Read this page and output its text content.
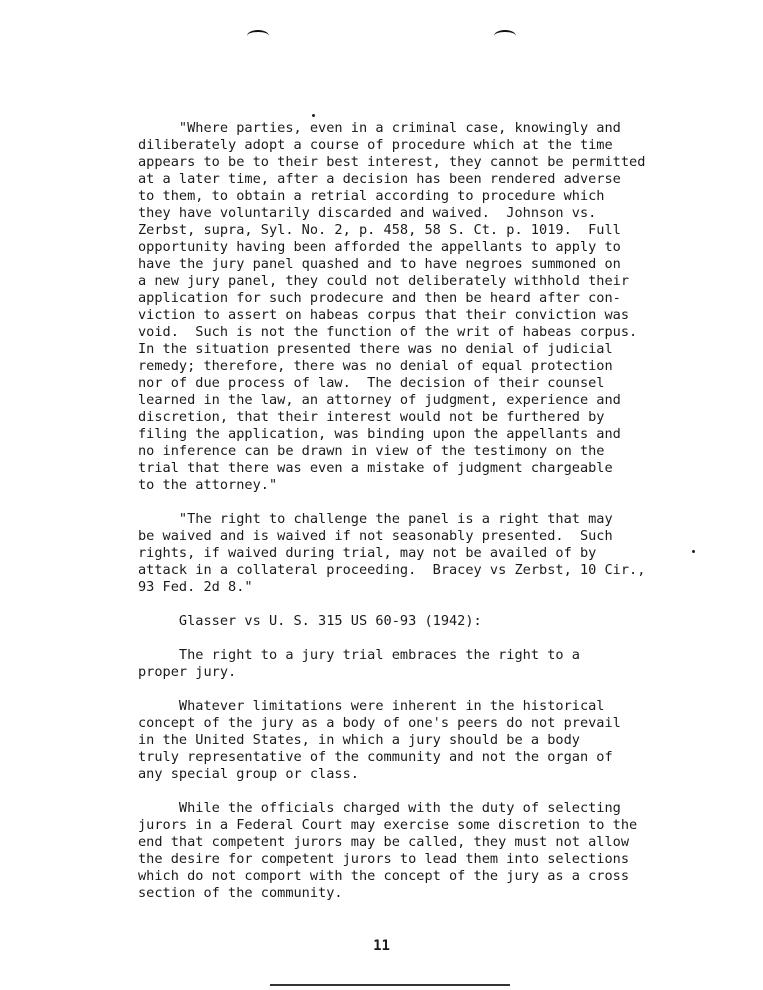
"Where parties, even in a criminal case, knowingly and
diliberately adopt a course of procedure which at the time
appears to be to their best interest, they cannot be permitted
at a later time, after a decision has been rendered adverse
to them, to obtain a retrial according to procedure which
they have voluntarily discarded and waived.  Johnson vs.
Zerbst, supra, Syl. No. 2, p. 458, 58 S. Ct. p. 1019.  Full
opportunity having been afforded the appellants to apply to
have the jury panel quashed and to have negroes summoned on
a new jury panel, they could not deliberately withhold their
application for such prodecure and then be heard after con-
viction to assert on habeas corpus that their conviction was
void.  Such is not the function of the writ of habeas corpus.
In the situation presented there was no denial of judicial
remedy; therefore, there was no denial of equal protection
nor of due process of law.  The decision of their counsel
learned in the law, an attorney of judgment, experience and
discretion, that their interest would not be furthered by
filing the application, was binding upon the appellants and
no inference can be drawn in view of the testimony on the
trial that there was even a mistake of judgment chargeable
to the attorney."

"The right to challenge the panel is a right that may
be waived and is waived if not seasonably presented.  Such
rights, if waived during trial, may not be availed of by
attack in a collateral proceeding.  Bracey vs Zerbst, 10 Cir.,
93 Fed. 2d 8."

Glasser vs U. S. 315 US 60-93 (1942):

The right to a jury trial embraces the right to a
proper jury.

Whatever limitations were inherent in the historical
concept of the jury as a body of one's peers do not prevail
in the United States, in which a jury should be a body
truly representative of the community and not the organ of
any special group or class.

While the officials charged with the duty of selecting
jurors in a Federal Court may exercise some discretion to the
end that competent jurors may be called, they must not allow
the desire for competent jurors to lead them into selections
which do not comport with the concept of the jury as a cross
section of the community.

11
